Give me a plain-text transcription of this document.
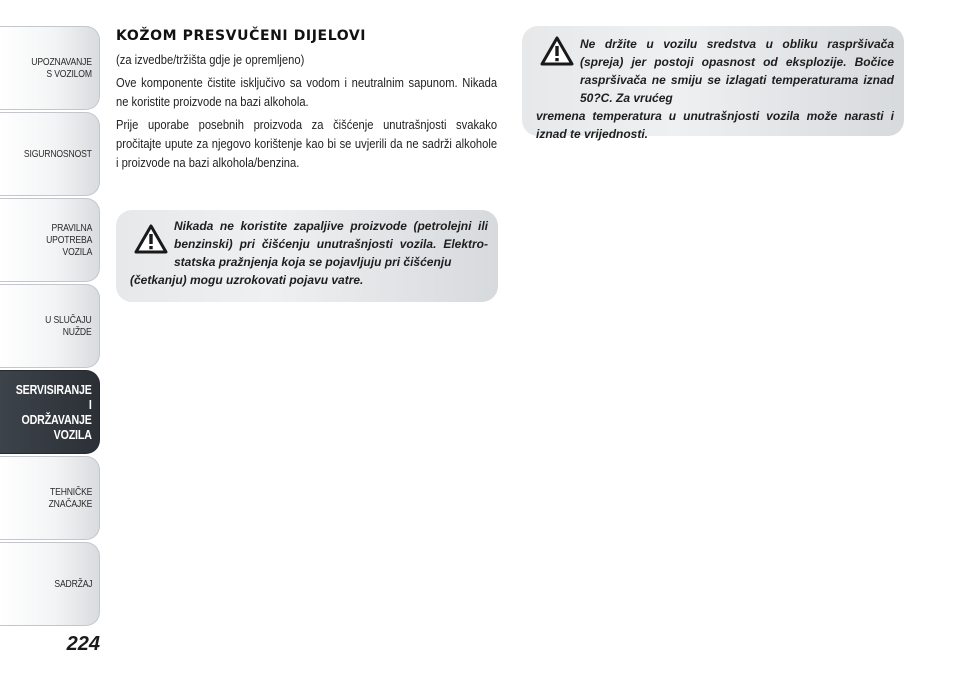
UPOZNAVANJE
S VOZILOM
SIGURNOSNOST
PRAVILNA
UPOTREBA
VOZILA
U SLUČAJU
NUŽDE
SERVISIRANJE I
ODRŽAVANJE
VOZILA
TEHNIČKE
ZNAČAJKE
SADRŽAJ
224
KOŽOM PRESVUČENI DIJELOVI

(za izvedbe/tržišta gdje je opremljeno)

Ove komponente čistite isključivo sa vodom i neutralnim sapunom. Nikada ne koristite proizvode na bazi alkohola.

Prije uporabe posebnih proizvoda za čišćenje unutrašnjosti svakako pročitajte upute za njegovo korištenje kao bi se uvjerili da ne sadrži alkohole i proizvode na bazi alkohola/benzina.

Nikada ne koristite zapaljive proizvode (petrolejni ili benzinski) pri čišćenju unutrašnjosti vozila. Elektro-statska pražnjenja koja se pojavljuju pri čišćenju
(četkanju) mogu uzrokovati pojavu vatre.
Ne držite u vozilu sredstva u obliku raspršivača (spreja) jer postoji opasnost od eksplozije. Bočice raspršivača ne smiju se izlagati temperaturama iznad 50?C. Za vrućeg
vremena temperatura u unutrašnjosti vozila može narasti i iznad te vrijednosti.
